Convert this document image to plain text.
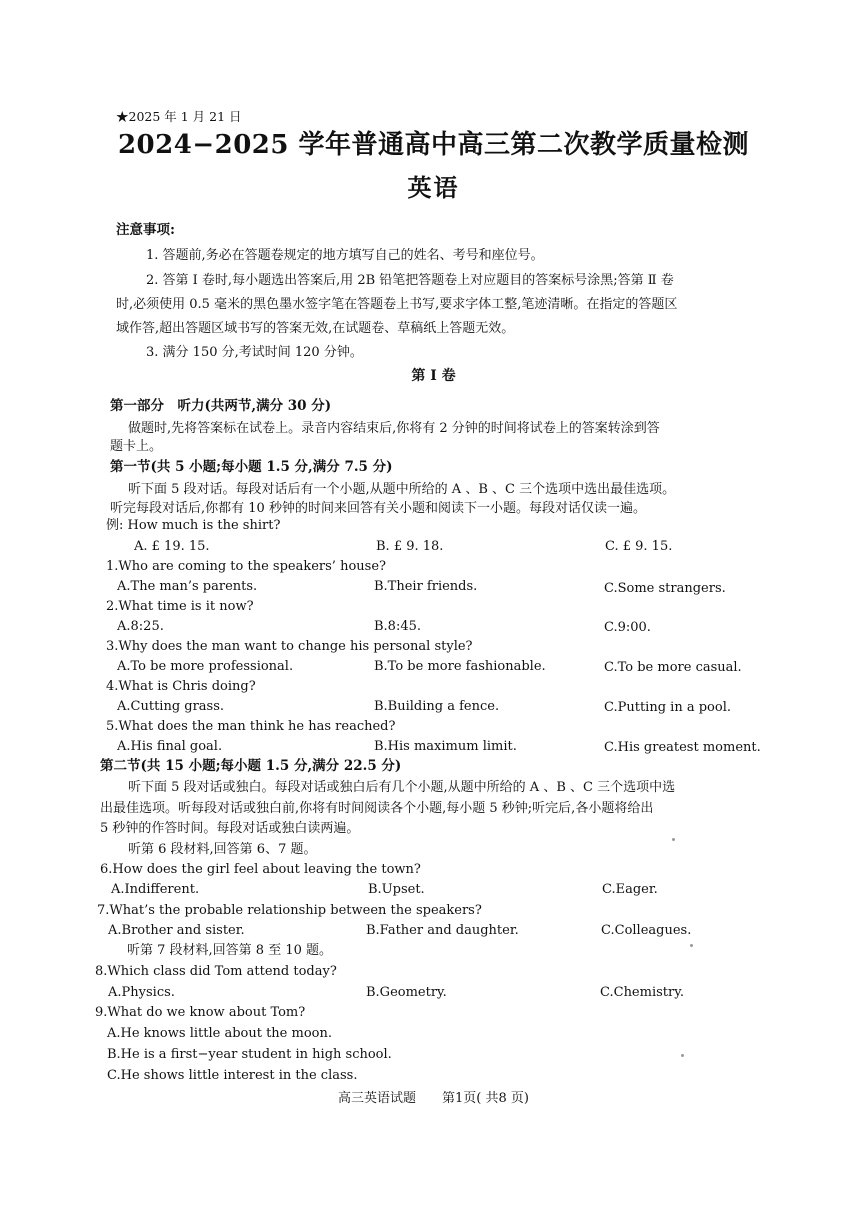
★2025 年 1 月 21 日
2024−2025 学年普通高中高三第二次教学质量检测
英语
注意事项:
1. 答题前,务必在答题卷规定的地方填写自己的姓名、考号和座位号。
2. 答第 Ⅰ 卷时,每小题选出答案后,用 2B 铅笔把答题卷上对应题目的答案标号涂黑;答第 Ⅱ 卷
时,必须使用 0.5 毫米的黑色墨水签字笔在答题卷上书写,要求字体工整,笔迹清晰。在指定的答题区
域作答,超出答题区域书写的答案无效,在试题卷、草稿纸上答题无效。
3. 满分 150 分,考试时间 120 分钟。
第 Ⅰ 卷
第一部分　听力(共两节,满分 30 分)
做题时,先将答案标在试卷上。录音内容结束后,你将有 2 分钟的时间将试卷上的答案转涂到答
题卡上。
第一节(共 5 小题;每小题 1.5 分,满分 7.5 分)
听下面 5 段对话。每段对话后有一个小题,从题中所给的 A 、B 、C 三个选项中选出最佳选项。
听完每段对话后,你都有 10 秒钟的时间来回答有关小题和阅读下一小题。每段对话仅读一遍。
例: How much is the shirt?
A. £ 19. 15.	B. £ 9. 18.	C. £ 9. 15.
1.Who are coming to the speakers’ house?
A.The man’s parents.	B.Their friends.	C.Some strangers.
2.What time is it now?
A.8:25.	B.8:45.	C.9:00.
3.Why does the man want to change his personal style?
A.To be more professional.	B.To be more fashionable.	C.To be more casual.
4.What is Chris doing?
A.Cutting grass.	B.Building a fence.	C.Putting in a pool.
5.What does the man think he has reached?
A.His final goal.	B.His maximum limit.	C.His greatest moment.
第二节(共 15 小题;每小题 1.5 分,满分 22.5 分)
听下面 5 段对话或独白。每段对话或独白后有几个小题,从题中所给的 A 、B 、C 三个选项中选
出最佳选项。听每段对话或独白前,你将有时间阅读各个小题,每小题 5 秒钟;听完后,各小题将给出
5 秒钟的作答时间。每段对话或独白读两遍。
听第 6 段材料,回答第 6、7 题。
6.How does the girl feel about leaving the town?
A.Indifferent.	B.Upset.	C.Eager.
7.What’s the probable relationship between the speakers?
A.Brother and sister.	B.Father and daughter.	C.Colleagues.
听第 7 段材料,回答第 8 至 10 题。
8.Which class did Tom attend today?
A.Physics.	B.Geometry.	C.Chemistry.
9.What do we know about Tom?
A.He knows little about the moon.
B.He is a first−year student in high school.
C.He shows little interest in the class.
高三英语试题　　第1页( 共8 页)
